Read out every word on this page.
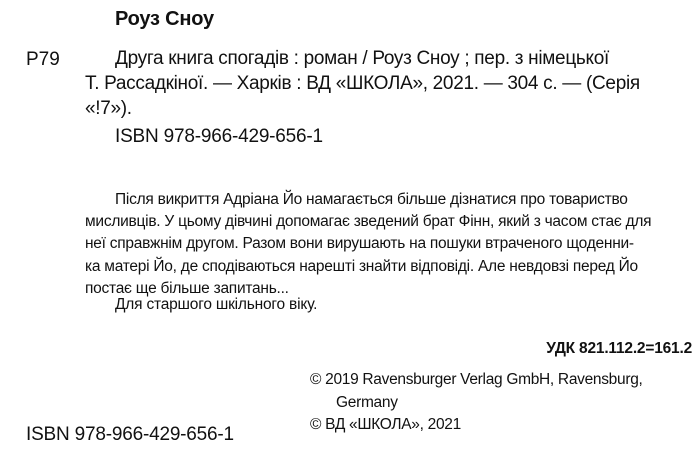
Роуз Сноу
Р79	Друга книга спогадів : роман / Роуз Сноу ; пер. з німецької
Т. Рассадкіної. — Харків : ВД «ШКОЛА», 2021. — 304 с. — (Серія
«!7»).
ISBN 978-966-429-656-1
Після викриття Адріана Йо намагається більше дізнатися про товариство
мисливців. У цьому дівчині допомагає зведений брат Фінн, який з часом стає для
неї справжнім другом. Разом вони вирушають на пошуки втраченого щоденни-
ка матері Йо, де сподіваються нарешті знайти відповіді. Але невдовзі перед Йо
постає ще більше запитань...
Для старшого шкільного віку.
УДК 821.112.2=161.2
© 2019 Ravensburger Verlag GmbH, Ravensburg,
Germany
© ВД «ШКОЛА», 2021
ISBN 978-966-429-656-1
